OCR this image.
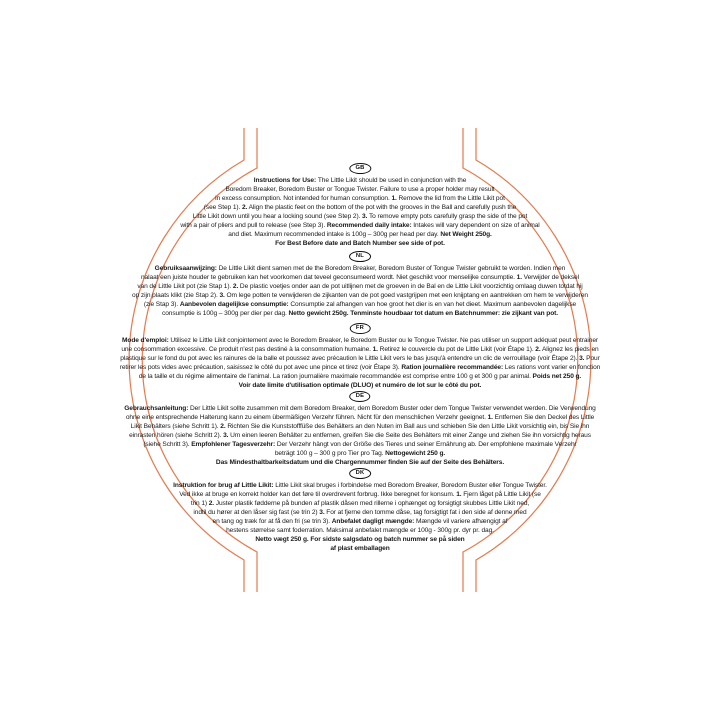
GB
Instructions for Use: The Little Likit should be used in conjunction with the
Boredom Breaker, Boredom Buster or Tongue Twister. Failure to use a proper holder may result
in excess consumption. Not intended for human consumption. 1. Remove the lid from the Little Likit pot
(see Step 1). 2. Align the plastic feet on the bottom of the pot with the grooves in the Ball and carefully push the
Little Likit down until you hear a locking sound (see Step 2). 3. To remove empty pots carefully grasp the side of the pot
with a pair of pliers and pull to release (see Step 3). Recommended daily intake: Intakes will vary dependent on size of animal
and diet. Maximum recommended intake is 100g – 300g per head per day. Net Weight 250g.
For Best Before date and Batch Number see side of pot.
NL
Gebruiksaanwijzing: De Little Likit dient samen met de the Boredom Breaker, Boredom Buster of Tongue Twister gebruikt te worden. Indien men
nalaat een juiste houder te gebruiken kan het voorkomen dat teveel geconsumeerd wordt. Niet geschikt voor menselijke consumptie. 1. Verwijder de deksel
van de Little Likit pot (zie Stap 1). 2. De plastic voetjes onder aan de pot uitlijnen met de groeven in de Bal en de Little Likit voorzichtig omlaag duwen totdat hij
op zijn plaats klikt (zie Stap 2). 3. Om lege potten te verwijderen de zijkanten van de pot goed vastgrijpen met een knijptang en aantrekken om hem te verwijderen
(zie Stap 3). Aanbevolen dagelijkse consumptie: Consumptie zal afhangen van hoe groot het dier is en van het dieet. Maximum aanbevolen dagelijkse
consumptie is 100g – 300g per dier per dag. Netto gewicht 250g. Tenminste houdbaar tot datum en Batchnummer: zie zijkant van pot.
FR
Mode d'emploi: Utilisez le Little Likit conjointement avec le Boredom Breaker, le Boredom Buster ou le Tongue Twister. Ne pas utiliser un support adéquat peut entrainer
une consommation excessive. Ce produit n'est pas destiné à la consommation humaine. 1. Retirez le couvercle du pot de Little Likit (voir Étape 1). 2. Alignez les pieds en
plastique sur le fond du pot avec les rainures de la balle et poussez avec précaution le Little Likit vers le bas jusqu'à entendre un clic de verrouillage (voir Étape 2). 3. Pour
retirer les pots vides avec précaution, saisissez le côté du pot avec une pince et tirez (voir Étape 3). Ration journalière recommandée: Les rations vont varier en fonction
de la taille et du régime alimentaire de l'animal. La ration journalière maximale recommandée est comprise entre 100 g et 300 g par animal. Poids net 250 g.
Voir date limite d'utilisation optimale (DLUO) et numéro de lot sur le côté du pot.
DE
Gebrauchsanleitung: Der Little Likit sollte zusammen mit dem Boredom Breaker, dem Boredom Buster oder dem Tongue Twister verwendet werden. Die Verwendung
ohne eine entsprechende Halterung kann zu einem übermäßigen Verzehr führen. Nicht für den menschlichen Verzehr geeignet. 1. Entfernen Sie den Deckel des Little
Likit Behälters (siehe Schritt 1). 2. Richten Sie die Kunststofffüße des Behälters an den Nuten im Ball aus und schieben Sie den Little Likit vorsichtig ein, bis Sie ihn
einrasten hören (siehe Schritt 2). 3. Um einen leeren Behälter zu entfernen, greifen Sie die Seite des Behälters mit einer Zange und ziehen Sie ihn vorsichtig heraus
(siehe Schritt 3). Empfohlener Tagesverzehr: Der Verzehr hängt von der Größe des Tieres und seiner Ernährung ab. Der empfohlene maximale Verzehr
beträgt 100 g – 300 g pro Tier pro Tag. Nettogewicht 250 g.
Das Mindesthaltbarkeitsdatum und die Chargennummer finden Sie auf der Seite des Behälters.
DK
Instruktion for brug af Little Likit: Little Likit skal bruges i forbindelse med Boredom Breaker, Boredom Buster eller Tongue Twister.
Ved ikke at bruge en korrekt holder kan det føre til overdrevent forbrug. Ikke beregnet for konsum. 1. Fjern låget på Little Likit (se
trin 1) 2. Juster plastik fødderne på bunden af plastik dåsen med rillerne i ophænget og forsigtigt skubbes Little Likit ned,
indtil du hører at den låser sig fast (se trin 2) 3. For at fjerne den tomme dåse, tag forsigtigt fat i den side af denne med
en tang og træk for at få den fri (se trin 3). Anbefalet dagligt mængde: Mængde vil variere afhængigt af
hestens størrelse samt foderration. Maksimal anbefalet mængde er 100g - 300g pr. dyr pr. dag.
Netto vægt 250 g. For sidste salgsdato og batch nummer se på siden
af plast emballagen
